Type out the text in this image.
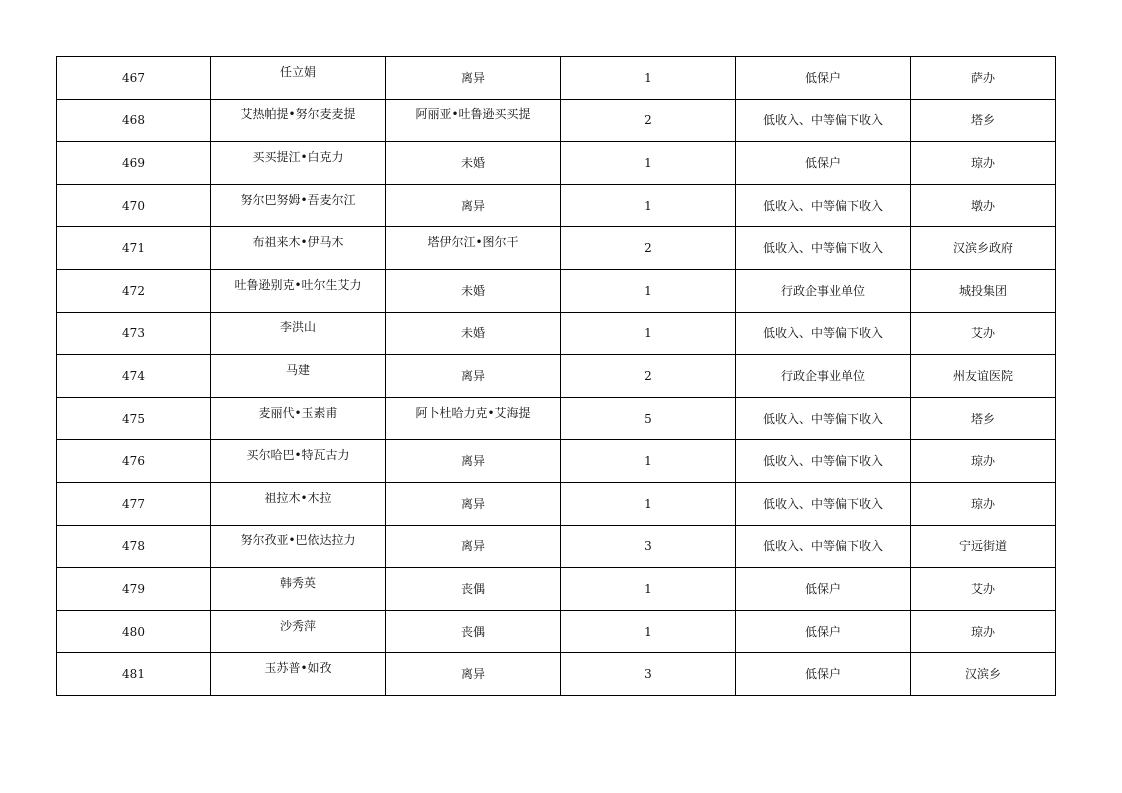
467	任立娟	离异	1	低保户	萨办
468	艾热帕提•努尔麦麦提	阿丽亚•吐鲁逊买买提	2	低收入、中等偏下收入	塔乡
469	买买提江•白克力	未婚	1	低保户	琼办
470	努尔巴努姆•吾麦尔江	离异	1	低收入、中等偏下收入	墩办
471	布祖来木•伊马木	塔伊尔江•图尔干	2	低收入、中等偏下收入	汉滨乡政府
472	吐鲁逊别克•吐尔生艾力	未婚	1	行政企事业单位	城投集团
473	李洪山	未婚	1	低收入、中等偏下收入	艾办
474	马建	离异	2	行政企事业单位	州友谊医院
475	麦丽代•玉素甫	阿卜杜哈力克•艾海提	5	低收入、中等偏下收入	塔乡
476	买尔哈巴•特瓦古力	离异	1	低收入、中等偏下收入	琼办
477	祖拉木•木拉	离异	1	低收入、中等偏下收入	琼办
478	努尔孜亚•巴依达拉力	离异	3	低收入、中等偏下收入	宁远街道
479	韩秀英	丧偶	1	低保户	艾办
480	沙秀萍	丧偶	1	低保户	琼办
481	玉苏普•如孜	离异	3	低保户	汉滨乡
